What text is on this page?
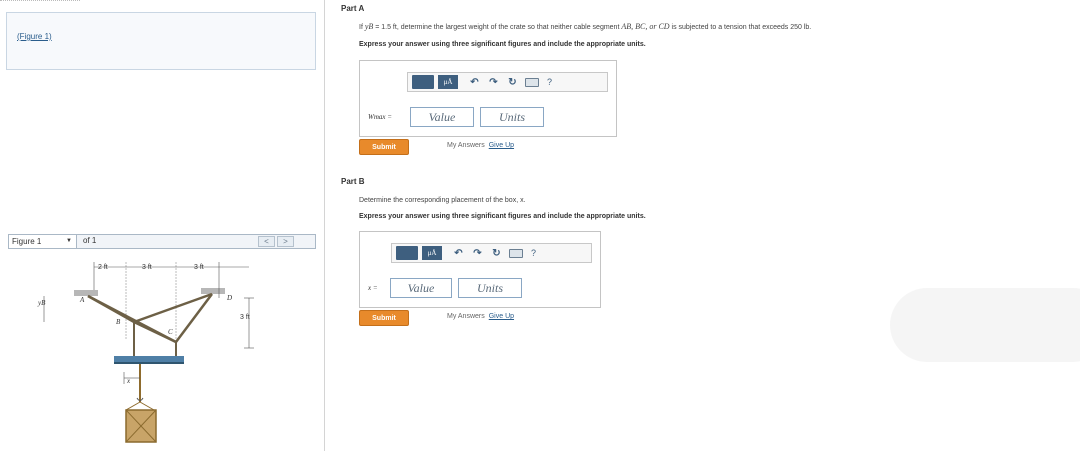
(Figure 1)
Figure 1	▼ of 1	<	>
2 ft	3 ft	3 ft
3 ft
A
B
C
D
x
yB
Part A
If yB = 1.5 ft, determine the largest weight of the crate so that neither cable segment AB, BC, or CD is subjected to a tension that exceeds 250 lb.
Express your answer using three significant figures and include the appropriate units.
μÅ	↶ ↷ ↻	?
Wmax =	Value	Units
Submit	My Answers Give Up
Part B
Determine the corresponding placement of the box, x.
Express your answer using three significant figures and include the appropriate units.
μÅ	↶ ↷ ↻	?
x =	Value	Units
Submit	My Answers Give Up
